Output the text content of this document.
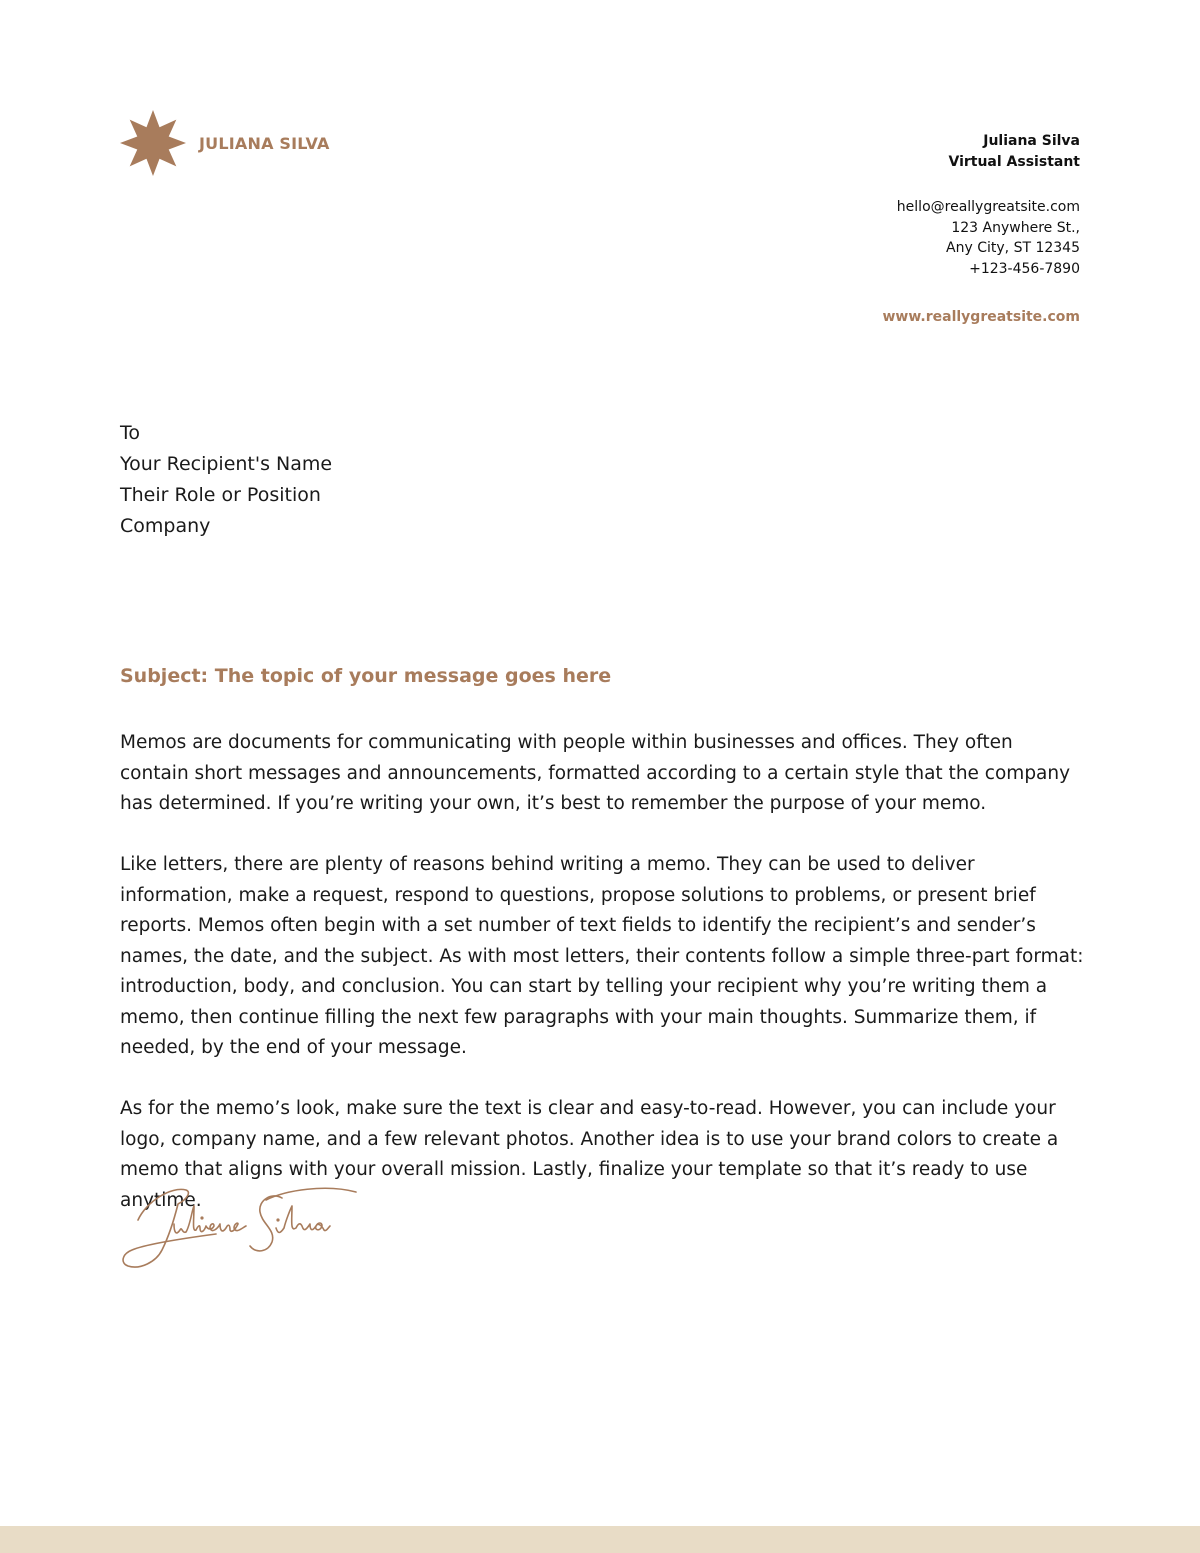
JULIANA SILVA	Juliana Silva
Virtual Assistant
hello@reallygreatsite.com
123 Anywhere St.,
Any City, ST 12345
+123-456-7890
www.reallygreatsite.com
To
Your Recipient's Name
Their Role or Position
Company
Subject: The topic of your message goes here

Memos are documents for communicating with people within businesses and offices. They often contain short messages and announcements, formatted according to a certain style that the company has determined. If you’re writing your own, it’s best to remember the purpose of your memo.

Like letters, there are plenty of reasons behind writing a memo. They can be used to deliver information, make a request, respond to questions, propose solutions to problems, or present brief reports. Memos often begin with a set number of text fields to identify the recipient’s and sender’s names, the date, and the subject. As with most letters, their contents follow a simple three-part format: introduction, body, and conclusion. You can start by telling your recipient why you’re writing them a memo, then continue filling the next few paragraphs with your main thoughts. Summarize them, if needed, by the end of your message.

As for the memo’s look, make sure the text is clear and easy-to-read. However, you can include your logo, company name, and a few relevant photos. Another idea is to use your brand colors to create a memo that aligns with your overall mission. Lastly, finalize your template so that it’s ready to use anytime.
